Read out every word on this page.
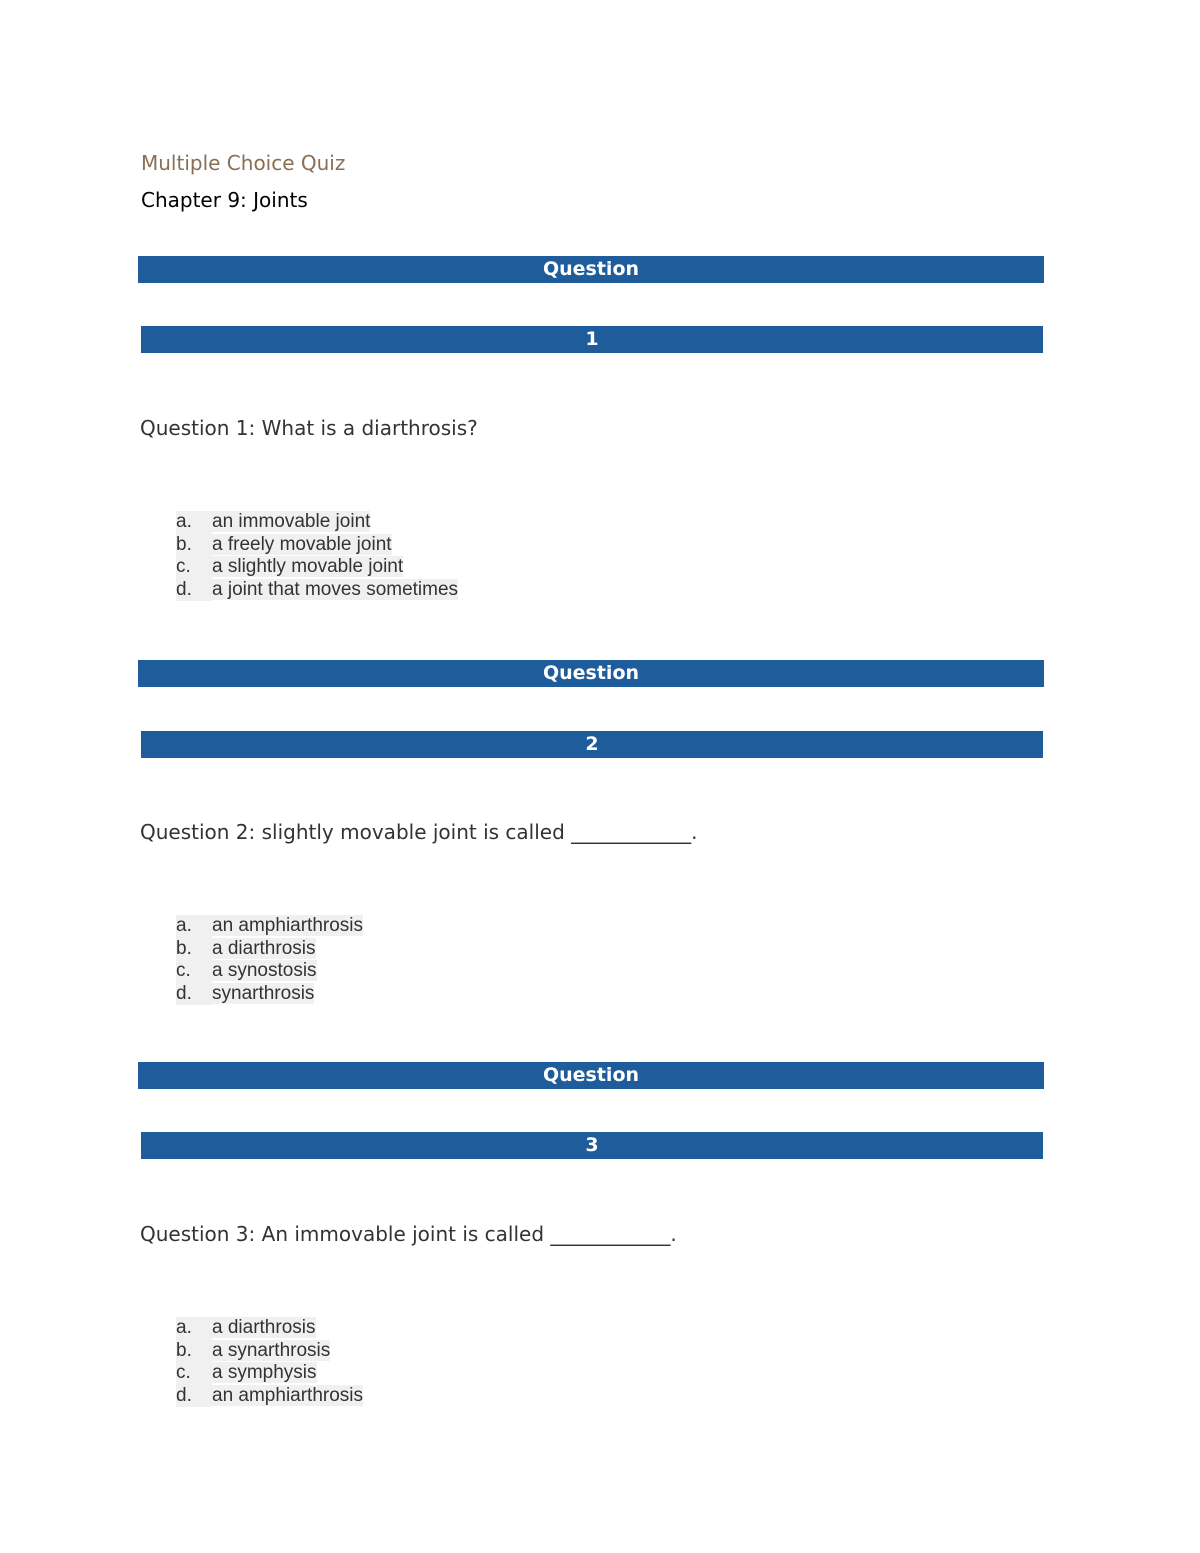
Multiple Choice Quiz
Chapter 9: Joints
Question
1
Question 1: What is a diarthrosis?
a. an immovable joint
b. a freely movable joint
c. a slightly movable joint
d. a joint that moves sometimes
Question
2
Question 2: slightly movable joint is called ____________.
a. an amphiarthrosis
b. a diarthrosis
c. a synostosis
d. synarthrosis
Question
3
Question 3: An immovable joint is called ____________.
a. a diarthrosis
b. a synarthrosis
c. a symphysis
d. an amphiarthrosis
